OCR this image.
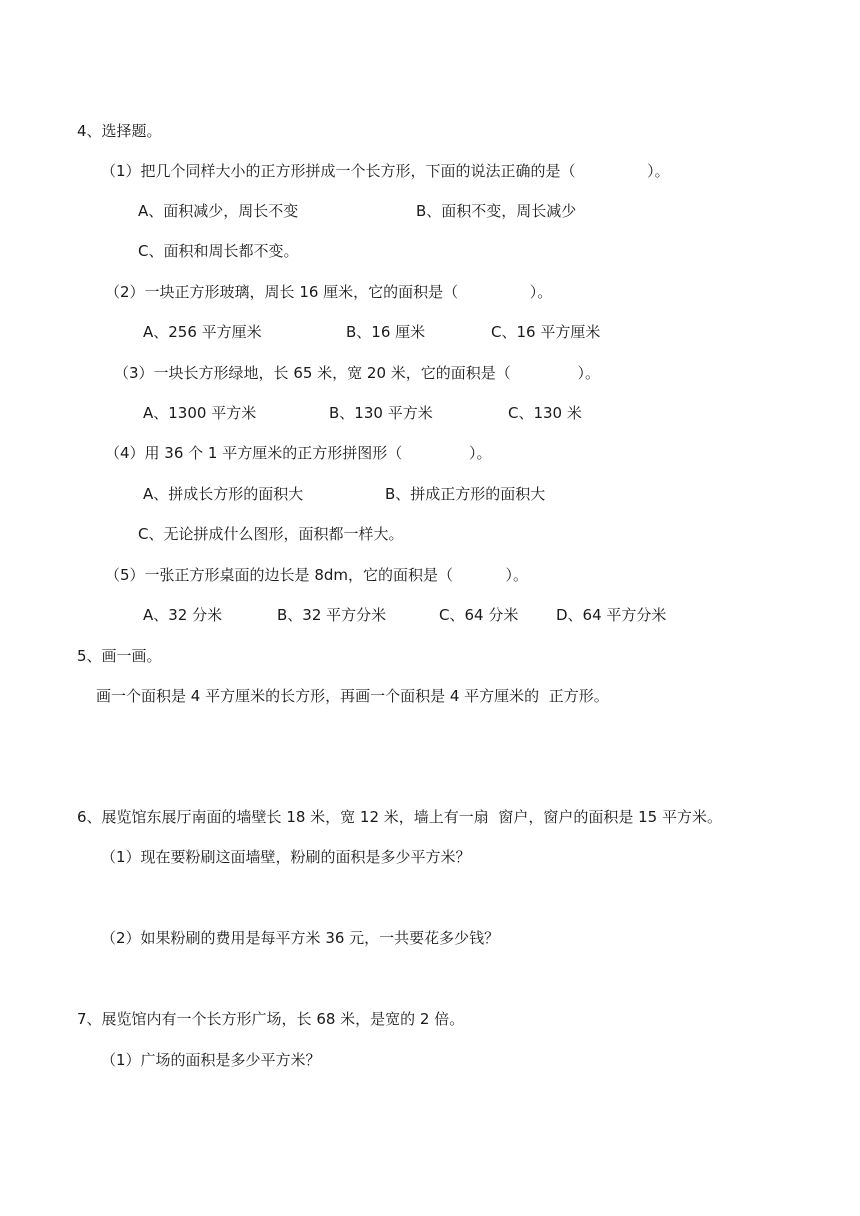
4、选择题。
（1）把几个同样大小的正方形拼成一个长方形，下面的说法正确的是（               ）。
A、面积减少，周长不变	B、面积不变，周长减少
C、面积和周长都不变。
（2）一块正方形玻璃，周长 16 厘米，它的面积是（               ）。
A、256 平方厘米	B、16 厘米	C、16 平方厘米
（3）一块长方形绿地，长 65 米，宽 20 米，它的面积是（              ）。
A、1300 平方米	B、130 平方米	C、130 米
（4）用 36 个 1 平方厘米的正方形拼图形（              ）。
A、拼成长方形的面积大	B、拼成正方形的面积大
C、无论拼成什么图形，面积都一样大。
（5）一张正方形桌面的边长是 8dm，它的面积是（           ）。
A、32 分米	B、32 平方分米	C、64 分米	D、64 平方分米
5、画一画。
画一个面积是 4 平方厘米的长方形，再画一个面积是 4 平方厘米的  正方形。
6、展览馆东展厅南面的墙壁长 18 米，宽 12 米，墙上有一扇  窗户，窗户的面积是 15 平方米。
（1）现在要粉刷这面墙壁，粉刷的面积是多少平方米？
（2）如果粉刷的费用是每平方米 36 元，一共要花多少钱？
7、展览馆内有一个长方形广场，长 68 米，是宽的 2 倍。
（1）广场的面积是多少平方米？
